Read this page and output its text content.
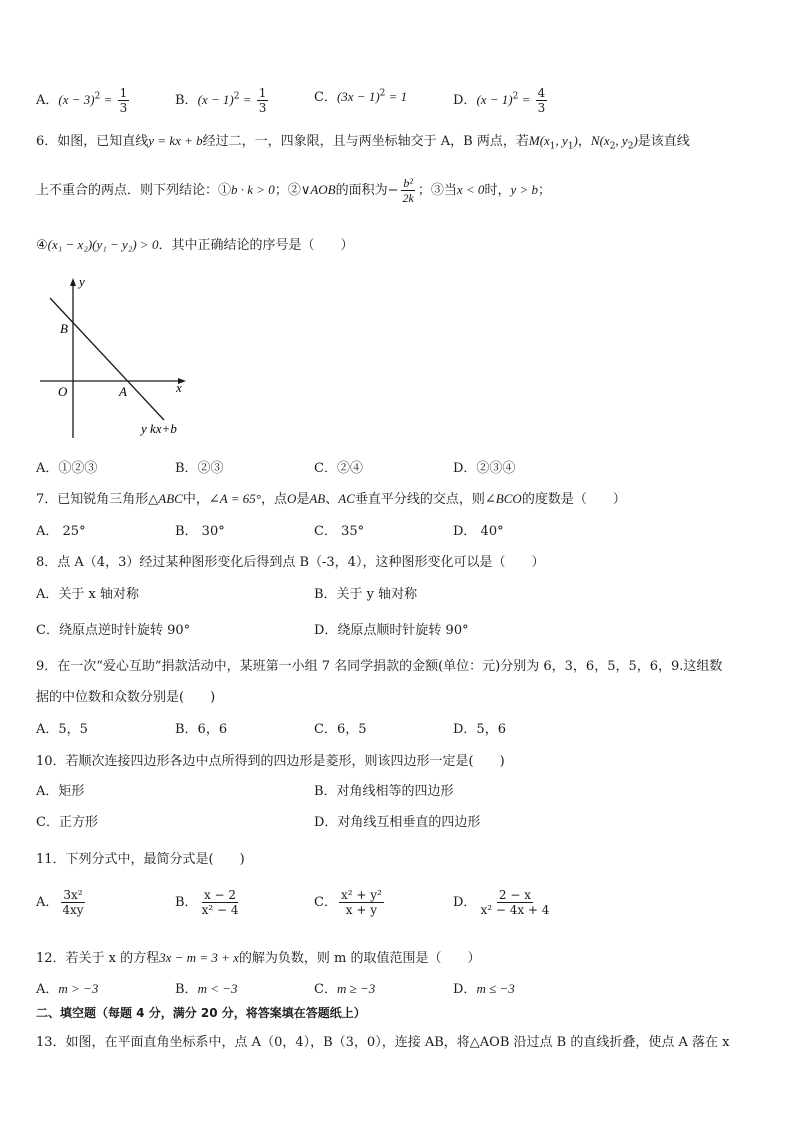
A．$(x - 3)^2 = \frac{1}{3}$	B．$(x - 1)^2 = \frac{1}{3}$	C．$(3x - 1)^2 = 1$	D．$(x - 1)^2 = \frac{4}{3}$
6．如图，已知直线y = kx + b经过二，一，四象限，且与两坐标轴交于 A，B 两点，若$M(x_1$, $y_1$)，$N(x_2$, $y_2$)是该直线
上不重合的两点．则下列结论：①b · k > 0；②∨AOB的面积为− $\frac{\text{b²}}{2k}$ ；③当x < 0时，y > b；
④(x₁ − x₂)(y₁ − y₂) > 0．其中正确结论的序号是（　　）
y
x
O	A
B
y kx+b
A．①②③	B．②③	C．②④	D．②③④
7．已知锐角三角形△ABC中，∠A = 65°，点O是AB、AC垂直平分线的交点，则∠BCO的度数是（　　）
A． 25°	B． 30°	C． 35°	D． 40°
8．点 A（4，3）经过某种图形变化后得到点 B（-3，4），这种图形变化可以是（　　）
A．关于 x 轴对称	B．关于 y 轴对称
C．绕原点逆时针旋转 90°	D．绕原点顺时针旋转 90°
9．在一次“爱心互助”捐款活动中，某班第一小组 7 名同学捐款的金额(单位：元)分别为 6，3，6，5，5，6，9.这组数
据的中位数和众数分别是(　　)
A．5，5	B．6，6	C．6，5	D．5，6
10．若顺次连接四边形各边中点所得到的四边形是菱形，则该四边形一定是(　　)
A．矩形	B．对角线相等的四边形
C．正方形	D．对角线互相垂直的四边形
11．下列分式中，最简分式是(　　)
A． $\frac{\text{3x²}}{4xy}$	B． $\frac{x - 2}{\text{x² − 4}}$	C． $\frac{\text{x² + y²}}{x + y}$	D． $\frac{2 - x}{\text{x² − 4x + 4}}$
12．若关于 x 的方程3x − m = 3 + x的解为负数，则 m 的取值范围是（　　）
A．m > −3	B．m < −3	C．m ≥ −3	D．m ≤ −3
二、填空题（每题 4 分，满分 20 分，将答案填在答题纸上）
13．如图，在平面直角坐标系中，点 A（0，4），B（3，0），连接 AB，将△AOB 沿过点 B 的直线折叠，使点 A 落在 x
